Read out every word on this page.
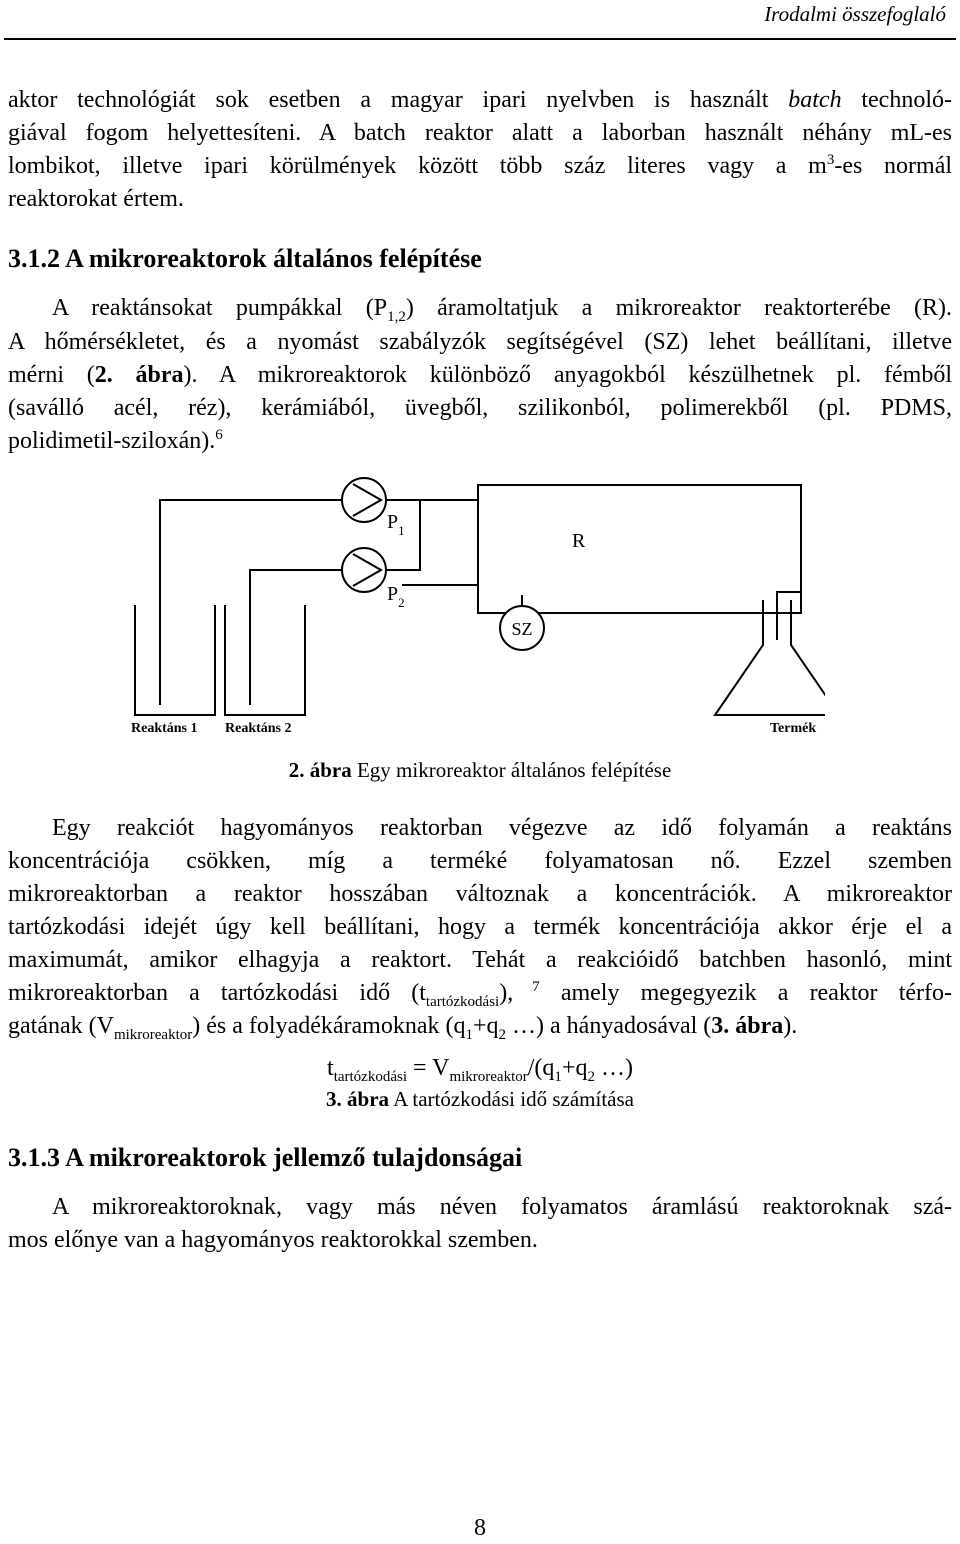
Irodalmi összefoglaló
aktor technológiát sok esetben a magyar ipari nyelvben is használt batch technoló-
giával fogom helyettesíteni. A batch reaktor alatt a laborban használt néhány mL-es
lombikot, illetve ipari körülmények között több száz literes vagy a $m^3-es$ normál
reaktorokat értem.
3.1.2 A mikroreaktorok általános felépítése
A reaktánsokat pumpákkal $(P_{1,2})$ áramoltatjuk a mikroreaktor reaktorterébe (R).
A hőmérsékletet, és a nyomást szabályzók segítségével (SZ) lehet beállítani, illetve
mérni (2. ábra). A mikroreaktorok különböző anyagokból készülhetnek pl. fémből
(saválló acél, réz), kerámiából, üvegből, szilikonból, polimerekből (pl. PDMS,
polidimetil-sziloxán).$^6$
SZ
$P_1$
$P_2$
R
Reaktáns 1 Reaktáns 2	Termék
2. ábra Egy mikroreaktor általános felépítése
Egy reakciót hagyományos reaktorban végezve az idő folyamán a reaktáns
koncentrációja csökken, míg a terméké folyamatosan nő. Ezzel szemben
mikroreaktorban a reaktor hosszában változnak a koncentrációk. A mikroreaktor
tartózkodási idejét úgy kell beállítani, hogy a termék koncentrációja akkor érje el a
maximumát, amikor elhagyja a reaktort. Tehát a reakcióidő batchben hasonló, mint
mikroreaktorban a tartózkodási idő $(t_{tartózkodási})$, $^7$ amely megegyezik a reaktor térfo-
gatának $(V_{mikroreaktor})$ és a folyadékáramoknak ($q_1+q_2$ …) a hányadosával (3. ábra).
$t_{tartózkodási} = V_{mikroreaktor}/(q_1+q_2$ …)
3. ábra A tartózkodási idő számítása
3.1.3 A mikroreaktorok jellemző tulajdonságai
A mikroreaktoroknak, vagy más néven folyamatos áramlású reaktoroknak szá-
mos előnye van a hagyományos reaktorokkal szemben.
8
